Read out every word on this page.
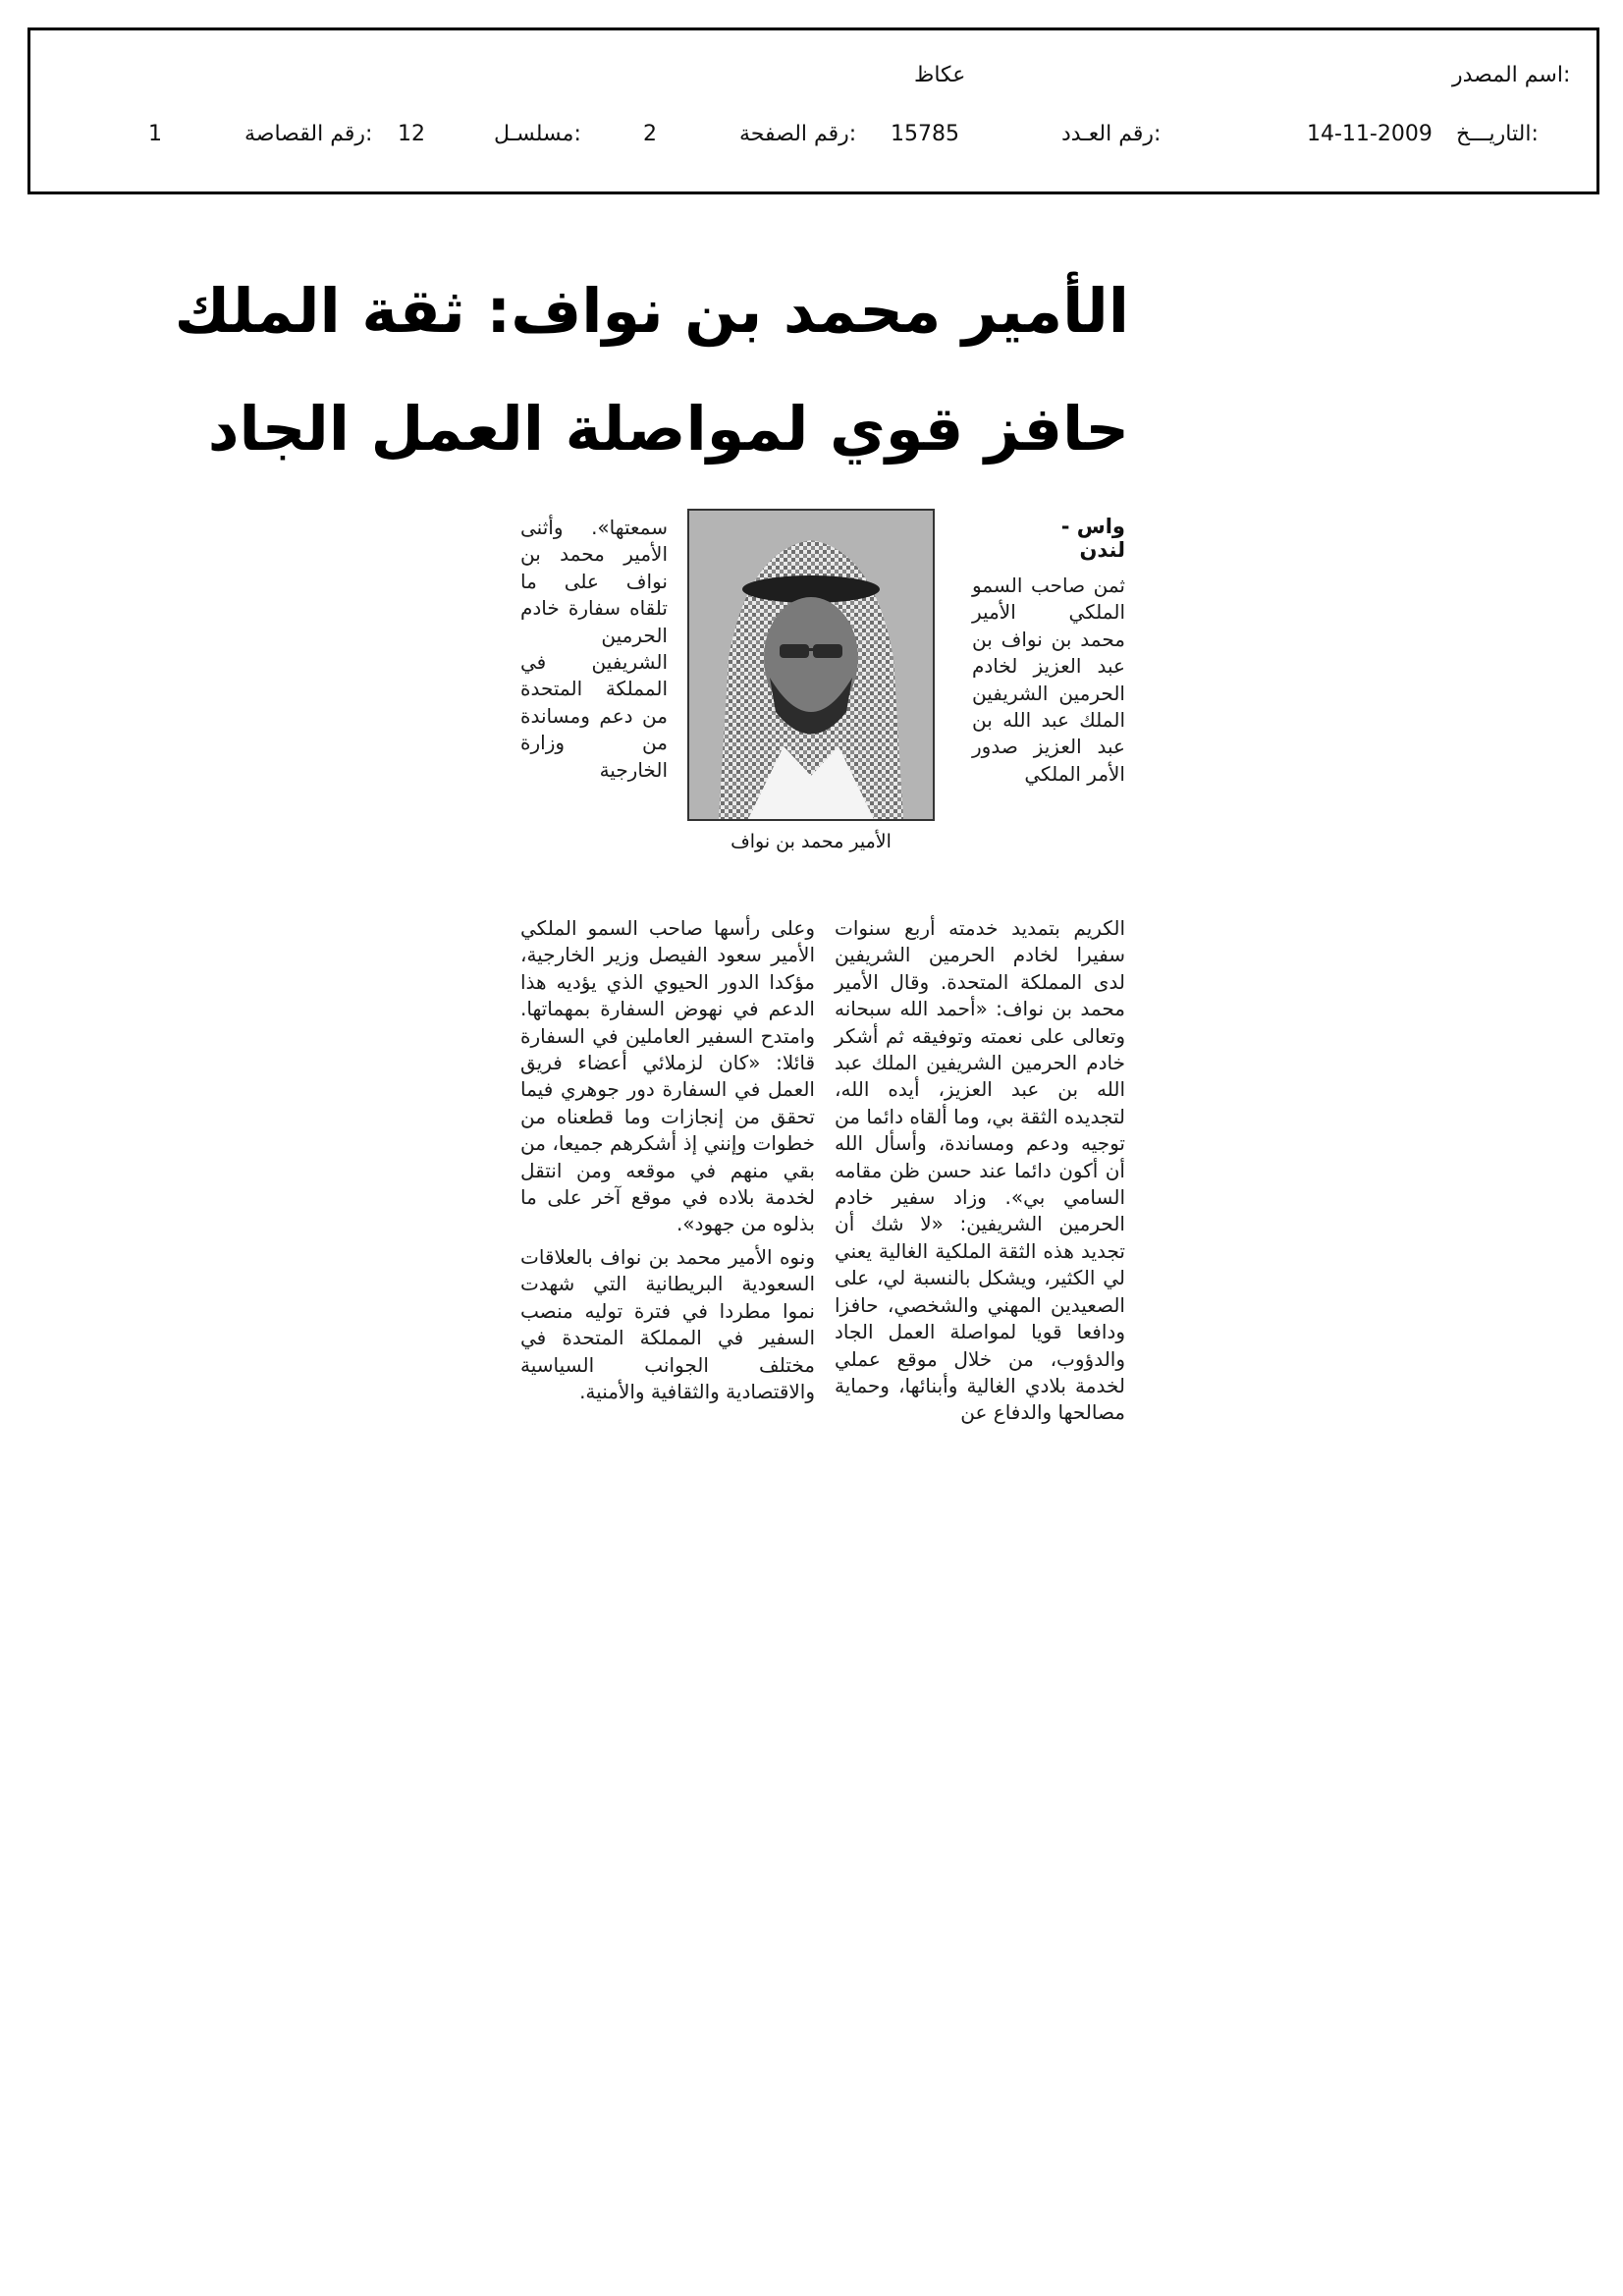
اسم المصدر:
عكاظ
التاريـــخ:
14-11-2009
رقم العـدد:
15785
رقم الصفحة:
2
مسلسـل:
12
رقم القصاصة:
1
الأمير محمد بن نواف: ثقة الملك
حافز قوي لمواصلة العمل الجاد
واس - لندن

ثمن صاحب السمو الملكي الأمير محمد بن نواف بن عبد العزيز لخادم الحرمين الشريفين الملك عبد الله بن عبد العزيز صدور الأمر الملكي

سمعتها». وأثنى الأمير محمد بن نواف على ما تلقاه سفارة خادم الحرمين الشريفين في المملكة المتحدة من دعم ومساندة من وزارة الخارجية

الأمير محمد بن نواف

الكريم بتمديد خدمته أربع سنوات سفيرا لخادم الحرمين الشريفين لدى المملكة المتحدة. وقال الأمير محمد بن نواف: «أحمد الله سبحانه وتعالى على نعمته وتوفيقه ثم أشكر خادم الحرمين الشريفين الملك عبد الله بن عبد العزيز، أيده الله، لتجديده الثقة بي، وما ألقاه دائما من توجيه ودعم ومساندة، وأسأل الله أن أكون دائما عند حسن ظن مقامه السامي بي». وزاد سفير خادم الحرمين الشريفين: «لا شك أن تجديد هذه الثقة الملكية الغالية يعني لي الكثير، ويشكل بالنسبة لي، على الصعيدين المهني والشخصي، حافزا ودافعا قويا لمواصلة العمل الجاد والدؤوب، من خلال موقع عملي لخدمة بلادي الغالية وأبنائها، وحماية مصالحها والدفاع عن

وعلى رأسها صاحب السمو الملكي الأمير سعود الفيصل وزير الخارجية، مؤكدا الدور الحيوي الذي يؤديه هذا الدعم في نهوض السفارة بمهماتها. وامتدح السفير العاملين في السفارة قائلا: «كان لزملائي أعضاء فريق العمل في السفارة دور جوهري فيما تحقق من إنجازات وما قطعناه من خطوات وإنني إذ أشكرهم جميعا، من بقي منهم في موقعه ومن انتقل لخدمة بلاده في موقع آخر على ما بذلوه من جهود».

ونوه الأمير محمد بن نواف بالعلاقات السعودية البريطانية التي شهدت نموا مطردا في فترة توليه منصب السفير في المملكة المتحدة في مختلف الجوانب السياسية والاقتصادية والثقافية والأمنية.
